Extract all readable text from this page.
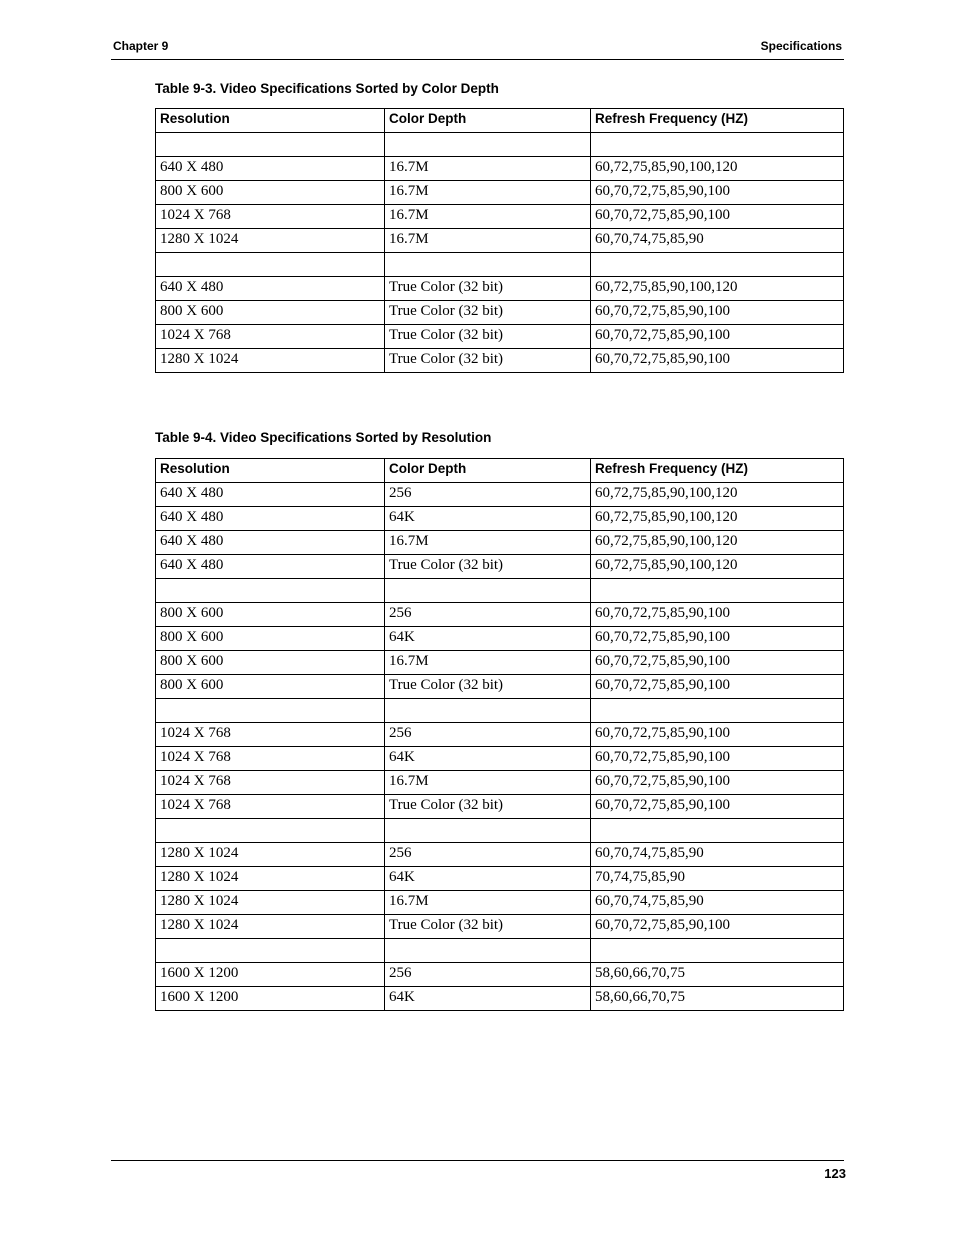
Chapter 9	Specifications
Table 9-3. Video Specifications Sorted by Color Depth
Resolution	Color Depth	Refresh Frequency (HZ)

640 X 480	16.7M	60,72,75,85,90,100,120
800 X 600	16.7M	60,70,72,75,85,90,100
1024 X 768	16.7M	60,70,72,75,85,90,100
1280 X 1024	16.7M	60,70,74,75,85,90

640 X 480	True Color (32 bit)	60,72,75,85,90,100,120
800 X 600	True Color (32 bit)	60,70,72,75,85,90,100
1024 X 768	True Color (32 bit)	60,70,72,75,85,90,100
1280 X 1024	True Color (32 bit)	60,70,72,75,85,90,100
Table 9-4. Video Specifications Sorted by Resolution
Resolution	Color Depth	Refresh Frequency (HZ)
640 X 480	256	60,72,75,85,90,100,120
640 X 480	64K	60,72,75,85,90,100,120
640 X 480	16.7M	60,72,75,85,90,100,120
640 X 480	True Color (32 bit)	60,72,75,85,90,100,120

800 X 600	256	60,70,72,75,85,90,100
800 X 600	64K	60,70,72,75,85,90,100
800 X 600	16.7M	60,70,72,75,85,90,100
800 X 600	True Color (32 bit)	60,70,72,75,85,90,100

1024 X 768	256	60,70,72,75,85,90,100
1024 X 768	64K	60,70,72,75,85,90,100
1024 X 768	16.7M	60,70,72,75,85,90,100
1024 X 768	True Color (32 bit)	60,70,72,75,85,90,100

1280 X 1024	256	60,70,74,75,85,90
1280 X 1024	64K	70,74,75,85,90
1280 X 1024	16.7M	60,70,74,75,85,90
1280 X 1024	True Color (32 bit)	60,70,72,75,85,90,100

1600 X 1200	256	58,60,66,70,75
1600 X 1200	64K	58,60,66,70,75
123
